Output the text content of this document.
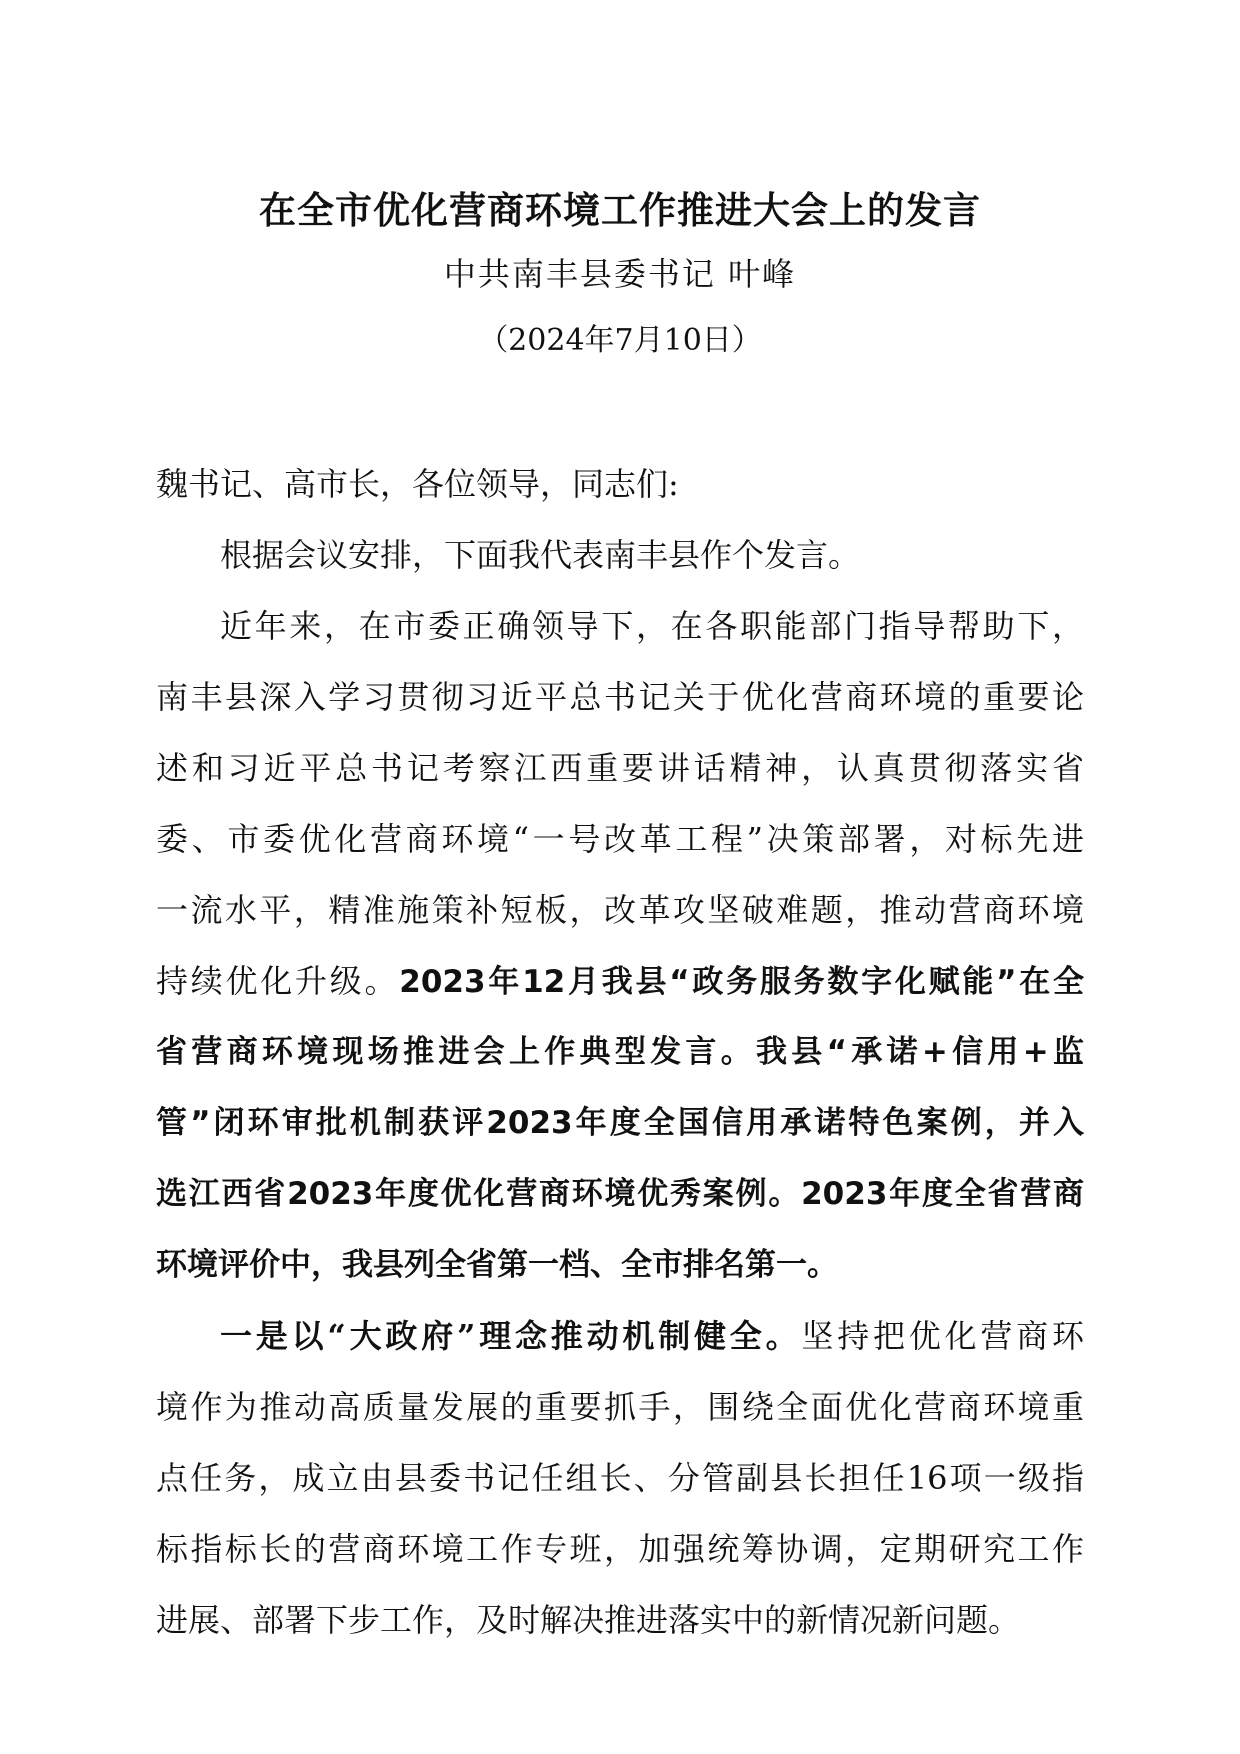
在全市优化营商环境工作推进大会上的发言
中共南丰县委书记 叶峰
（2024年7月10日）
魏书记、高市长，各位领导，同志们:
根据会议安排，下面我代表南丰县作个发言。
近年来，在市委正确领导下，在各职能部门指导帮助下，
南丰县深入学习贯彻习近平总书记关于优化营商环境的重要论
述和习近平总书记考察江西重要讲话精神，认真贯彻落实省
委、市委优化营商环境“一号改革工程”决策部署，对标先进
一流水平，精准施策补短板，改革攻坚破难题，推动营商环境
持续优化升级。2023年12月我县“政务服务数字化赋能”在全
省营商环境现场推进会上作典型发言。我县“承诺+信用+监
管”闭环审批机制获评2023年度全国信用承诺特色案例，并入
选江西省2023年度优化营商环境优秀案例。2023年度全省营商
环境评价中，我县列全省第一档、全市排名第一。
一是以“大政府”理念推动机制健全。坚持把优化营商环
境作为推动高质量发展的重要抓手，围绕全面优化营商环境重
点任务，成立由县委书记任组长、分管副县长担任16项一级指
标指标长的营商环境工作专班，加强统筹协调，定期研究工作
进展、部署下步工作，及时解决推进落实中的新情况新问题。
